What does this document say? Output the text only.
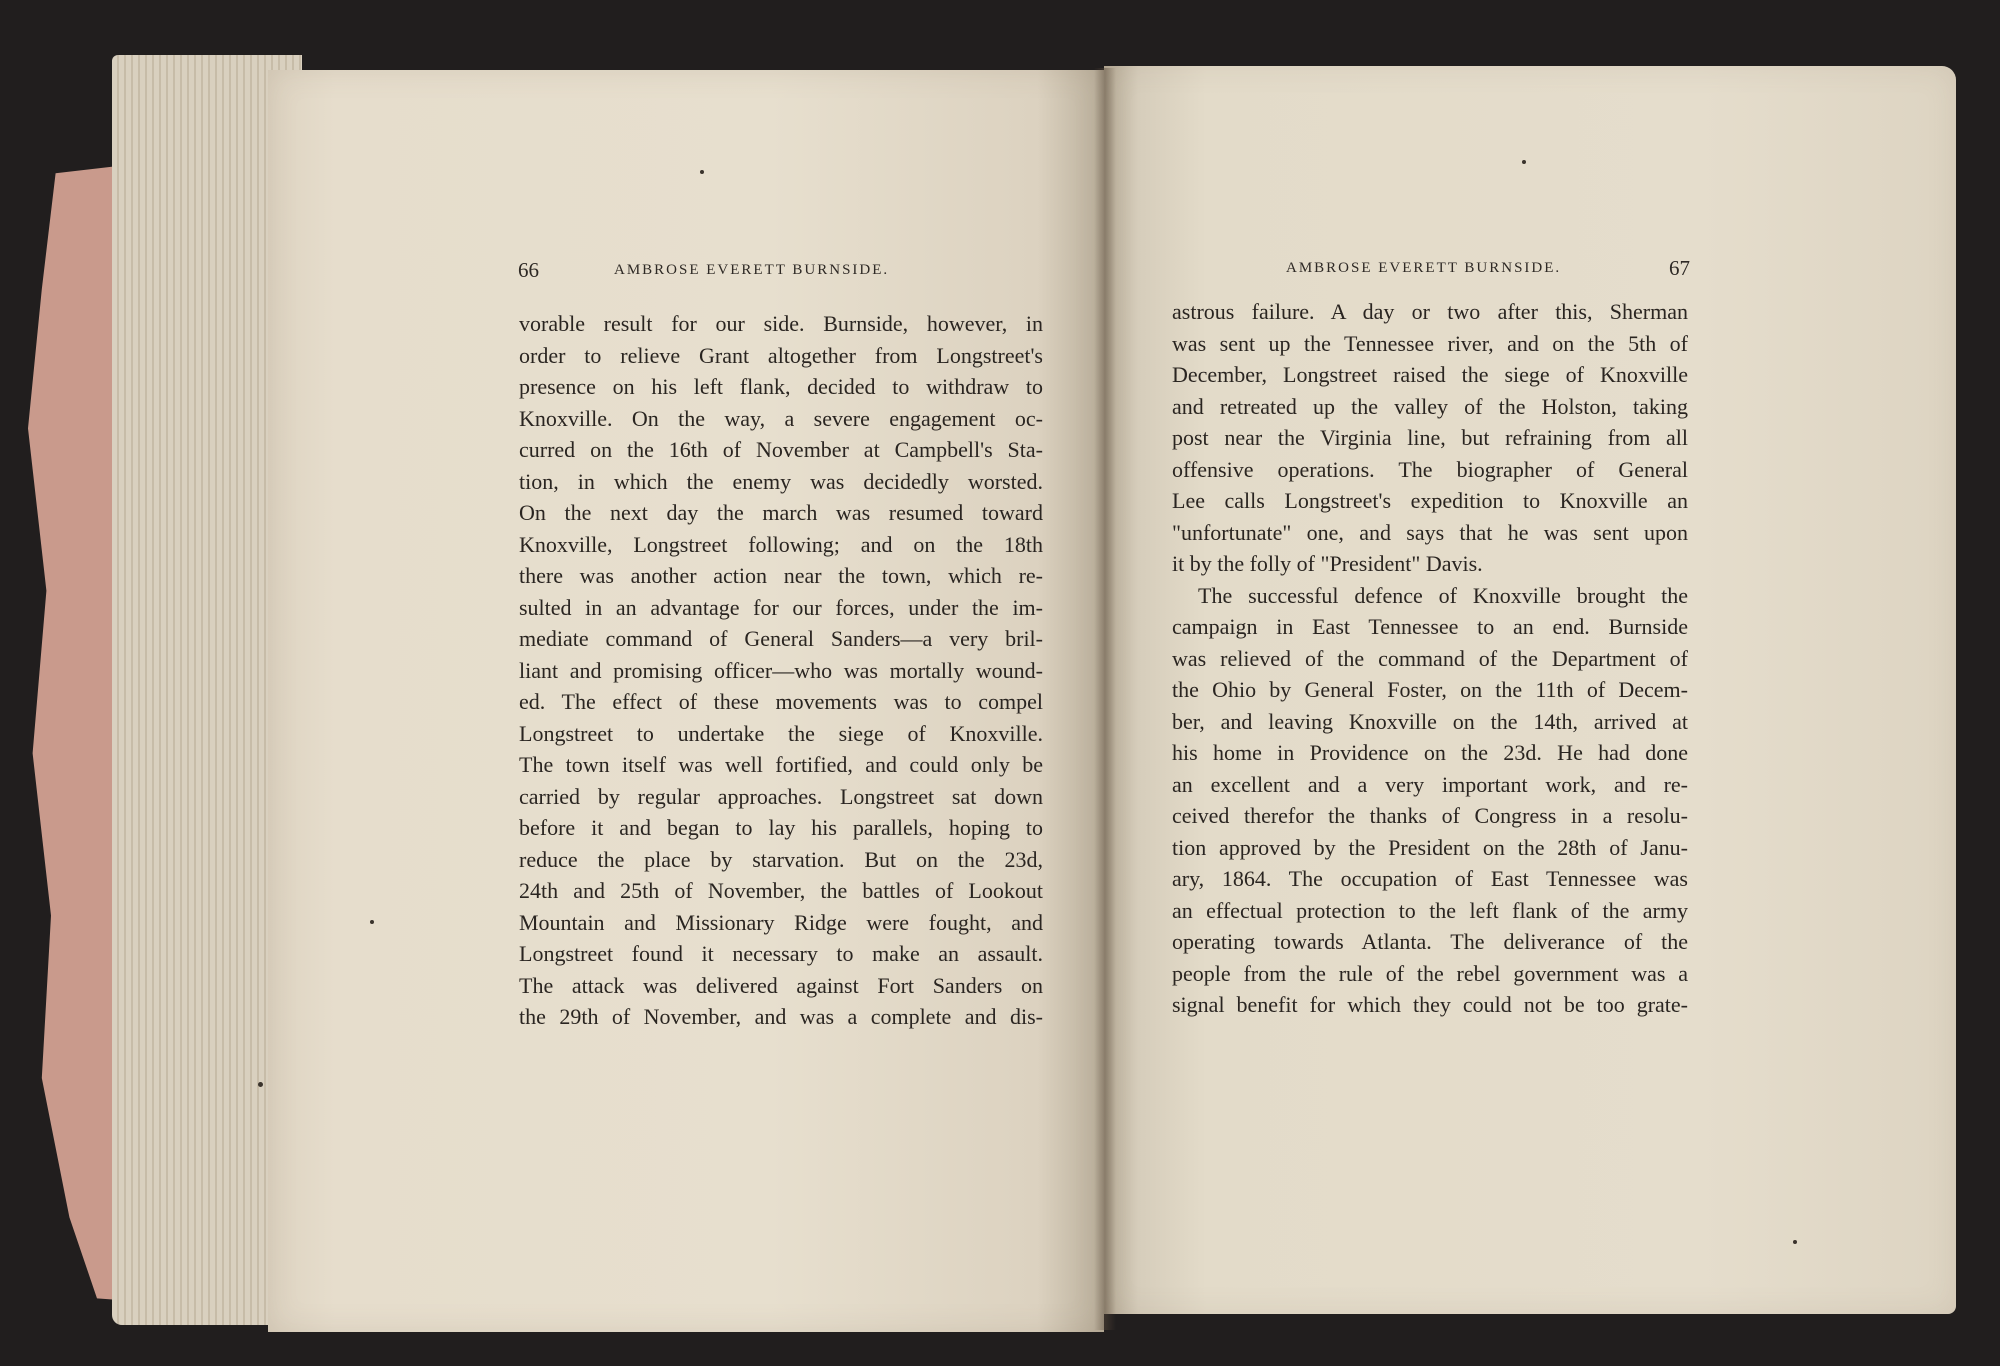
66	AMBROSE EVERETT BURNSIDE.	AMBROSE EVERETT BURNSIDE.	67
vorable result for our side. Burnside, however, in
order to relieve Grant altogether from Longstreet's
presence on his left flank, decided to withdraw to
Knoxville. On the way, a severe engagement oc-
curred on the 16th of November at Campbell's Sta-
tion, in which the enemy was decidedly worsted.
On the next day the march was resumed toward
Knoxville, Longstreet following; and on the 18th
there was another action near the town, which re-
sulted in an advantage for our forces, under the im-
mediate command of General Sanders—a very bril-
liant and promising officer—who was mortally wound-
ed. The effect of these movements was to compel
Longstreet to undertake the siege of Knoxville.
The town itself was well fortified, and could only be
carried by regular approaches. Longstreet sat down
before it and began to lay his parallels, hoping to
reduce the place by starvation. But on the 23d,
24th and 25th of November, the battles of Lookout
Mountain and Missionary Ridge were fought, and
Longstreet found it necessary to make an assault.
The attack was delivered against Fort Sanders on
the 29th of November, and was a complete and dis-
astrous failure. A day or two after this, Sherman
was sent up the Tennessee river, and on the 5th of
December, Longstreet raised the siege of Knoxville
and retreated up the valley of the Holston, taking
post near the Virginia line, but refraining from all
offensive operations. The biographer of General
Lee calls Longstreet's expedition to Knoxville an
"unfortunate" one, and says that he was sent upon
it by the folly of "President" Davis.
The successful defence of Knoxville brought the
campaign in East Tennessee to an end. Burnside
was relieved of the command of the Department of
the Ohio by General Foster, on the 11th of Decem-
ber, and leaving Knoxville on the 14th, arrived at
his home in Providence on the 23d. He had done
an excellent and a very important work, and re-
ceived therefor the thanks of Congress in a resolu-
tion approved by the President on the 28th of Janu-
ary, 1864. The occupation of East Tennessee was
an effectual protection to the left flank of the army
operating towards Atlanta. The deliverance of the
people from the rule of the rebel government was a
signal benefit for which they could not be too grate-
